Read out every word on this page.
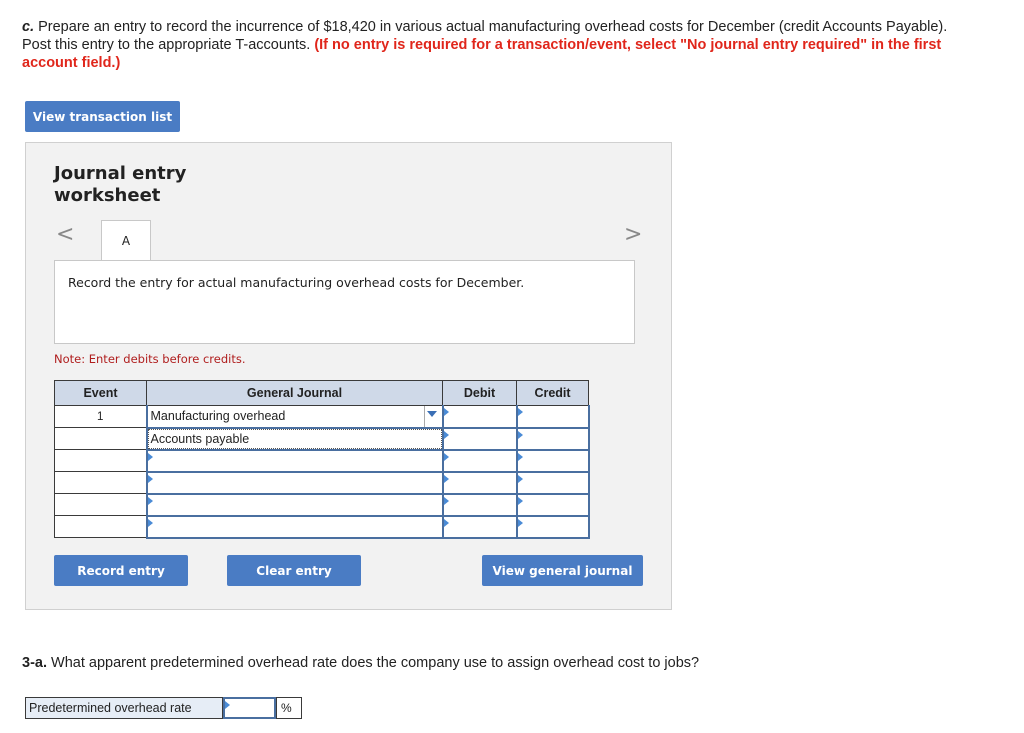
c. Prepare an entry to record the incurrence of $18,420 in various actual manufacturing overhead costs for December (credit Accounts Payable). Post this entry to the appropriate T-accounts. (If no entry is required for a transaction/event, select "No journal entry required" in the first account field.)
View transaction list
Journal entry worksheet
<	>
A
Record the entry for actual manufacturing overhead costs for December.
Note: Enter debits before credits.
Event	General Journal	Debit	Credit
1	Manufacturing overhead

	Accounts payable	

Record entry	Clear entry	View general journal
3-a. What apparent predetermined overhead rate does the company use to assign overhead cost to jobs?
Predetermined overhead rate	%
